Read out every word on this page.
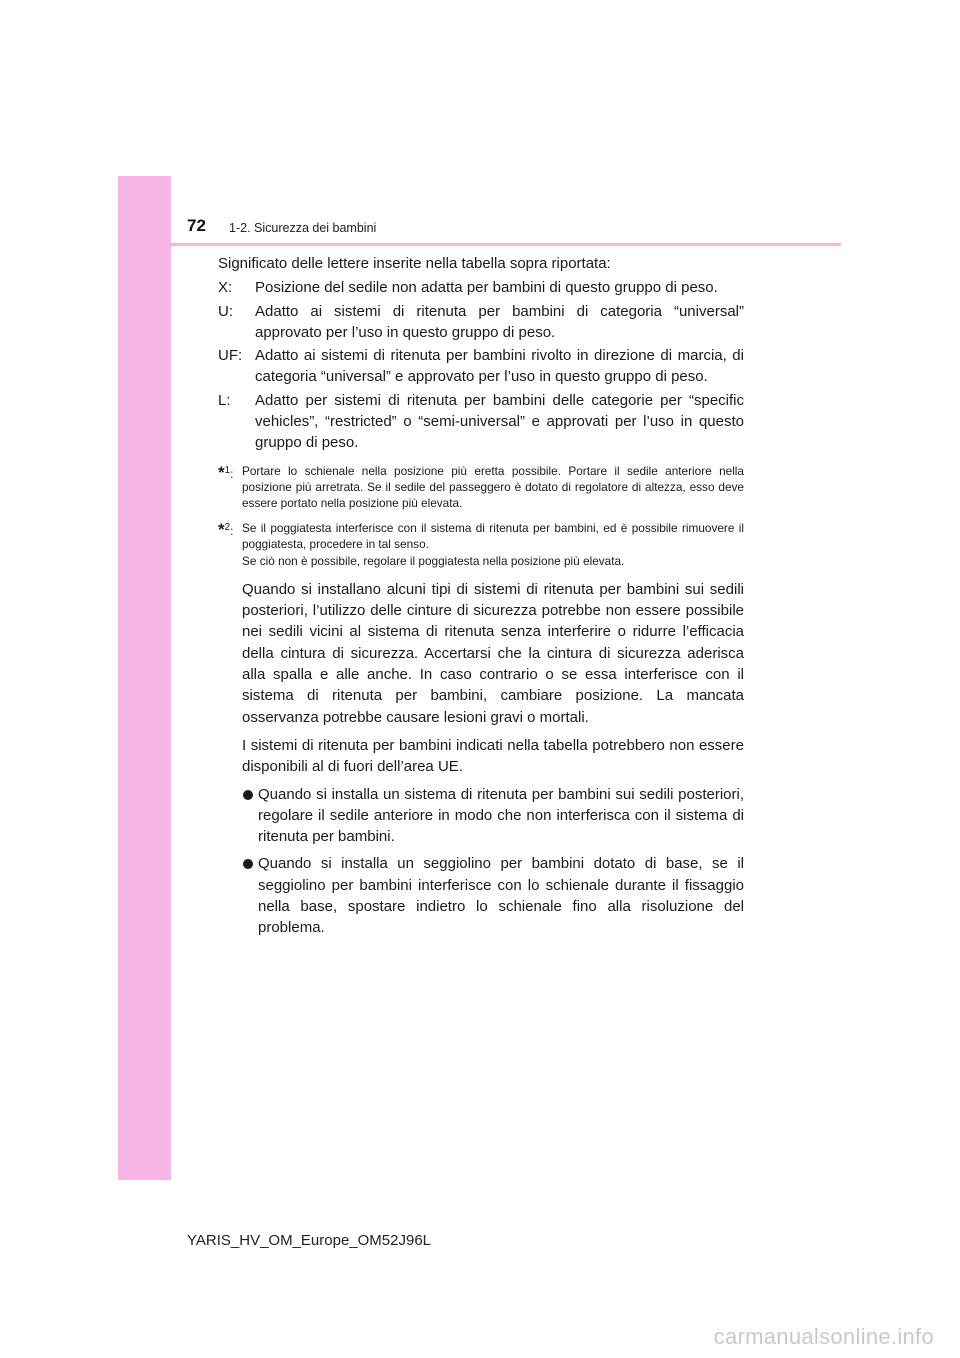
72 1-2. Sicurezza dei bambini

Significato delle lettere inserite nella tabella sopra riportata:

X:	Posizione del sedile non adatta per bambini di questo gruppo di peso.
U:	Adatto ai sistemi di ritenuta per bambini di categoria “universal” approvato per l’uso in questo gruppo di peso.
UF: Adatto ai sistemi di ritenuta per bambini rivolto in direzione di marcia, di categoria “universal” e approvato per l’uso in questo gruppo di peso.
L:	Adatto per sistemi di ritenuta per bambini delle categorie per “specific vehicles”, “restricted” o “semi-universal” e approvati per l’uso in questo gruppo di peso.
*$^1$: Portare lo schienale nella posizione più eretta possibile. Portare il sedile anteriore nella posizione più arretrata. Se il sedile del passeggero è dotato di regolatore di altezza, esso deve essere portato nella posizione più elevata.

*$^2$: Se il poggiatesta interferisce con il sistema di ritenuta per bambini, ed è possibile rimuovere il poggiatesta, procedere in tal senso.

Se ciò non è possibile, regolare il poggiatesta nella posizione più elevata.

Quando si installano alcuni tipi di sistemi di ritenuta per bambini sui sedili posteriori, l’utilizzo delle cinture di sicurezza potrebbe non essere possibile nei sedili vicini al sistema di ritenuta senza interferire o ridurre l’efficacia della cintura di sicurezza. Accertarsi che la cintura di sicurezza aderisca alla spalla e alle anche. In caso contrario o se essa interferisce con il sistema di ritenuta per bambini, cambiare posizione. La mancata osservanza potrebbe causare lesioni gravi o mortali.

I sistemi di ritenuta per bambini indicati nella tabella potrebbero non essere disponibili al di fuori dell’area UE.

Quando si installa un sistema di ritenuta per bambini sui sedili posteriori, regolare il sedile anteriore in modo che non interferisca con il sistema di ritenuta per bambini.
Quando si installa un seggiolino per bambini dotato di base, se il seggiolino per bambini interferisce con lo schienale durante il fissaggio nella base, spostare indietro lo schienale fino alla risoluzione del problema.
YARIS_HV_OM_Europe_OM52J96L
carmanualsonline.info
